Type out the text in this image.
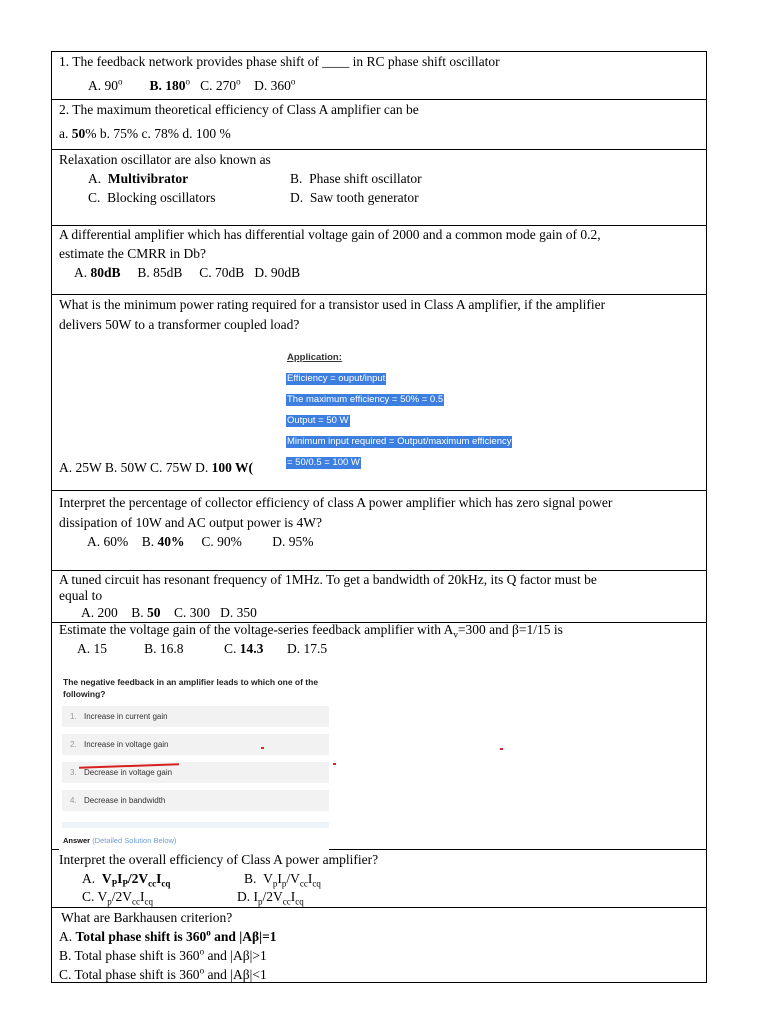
1. The feedback network provides phase shift of ____ in RC phase shift oscillator
A. 90$^o$ B. 180$^o$ C. 270$^o$ D. 360$^o$
2. The maximum theoretical efficiency of Class A amplifier can be
a. 50% b. 75% c. 78% d. 100 %
Relaxation oscillator are also known as
A. Multivibrator	B. Phase shift oscillator
C. Blocking oscillators	D. Saw tooth generator
A differential amplifier which has differential voltage gain of 2000 and a common mode gain of 0.2,
estimate the CMRR in Db?
A. 80dB B. 85dB C. 70dB D. 90dB
What is the minimum power rating required for a transistor used in Class A amplifier, if the amplifier
delivers 50W to a transformer coupled load?
Application:
Efficiency = ouput/input
The maximum efficiency = 50% = 0.5
Output = 50 W
Minimum input required = Output/maximum efficiency
= 50/0.5 = 100 W
A. 25W B. 50W C. 75W D. 100 W(
Interpret the percentage of collector efficiency of class A power amplifier which has zero signal power
dissipation of 10W and AC output power is 4W?
A. 60% B. 40% C. 90% D. 95%
A tuned circuit has resonant frequency of 1MHz. To get a bandwidth of 20kHz, its Q factor must be
equal to
A. 200 B. 50 C. 300 D. 350
Estimate the voltage gain of the voltage-series feedback amplifier with $A_v=300$ and β=1/15 is
A. 15	B. 16.8	C. 14.3 D. 17.5
The negative feedback in an amplifier leads to which one of the following?
1. Increase in current gain
2. Increase in voltage gain
3. Decrease in voltage gain
4. Decrease in bandwidth
Answer (Detailed Solution Below)
Interpret the overall efficiency of Class A power amplifier?
A. $V_PI_P/2V_{cc}I_{cq}$	B.  $V_pI_p/V_{cc}I_{cq}$
C. $V_p/2V_{cc}I_{cq}$	D. $I_p/2V_{cc}I_{cq}$
What are Barkhausen criterion?
A. Total phase shift is 360$^o$ and |Aβ|=1
B. Total phase shift is 360$^o$ and |Aβ|>1
C. Total phase shift is 360$^o$ and |Aβ|<1
